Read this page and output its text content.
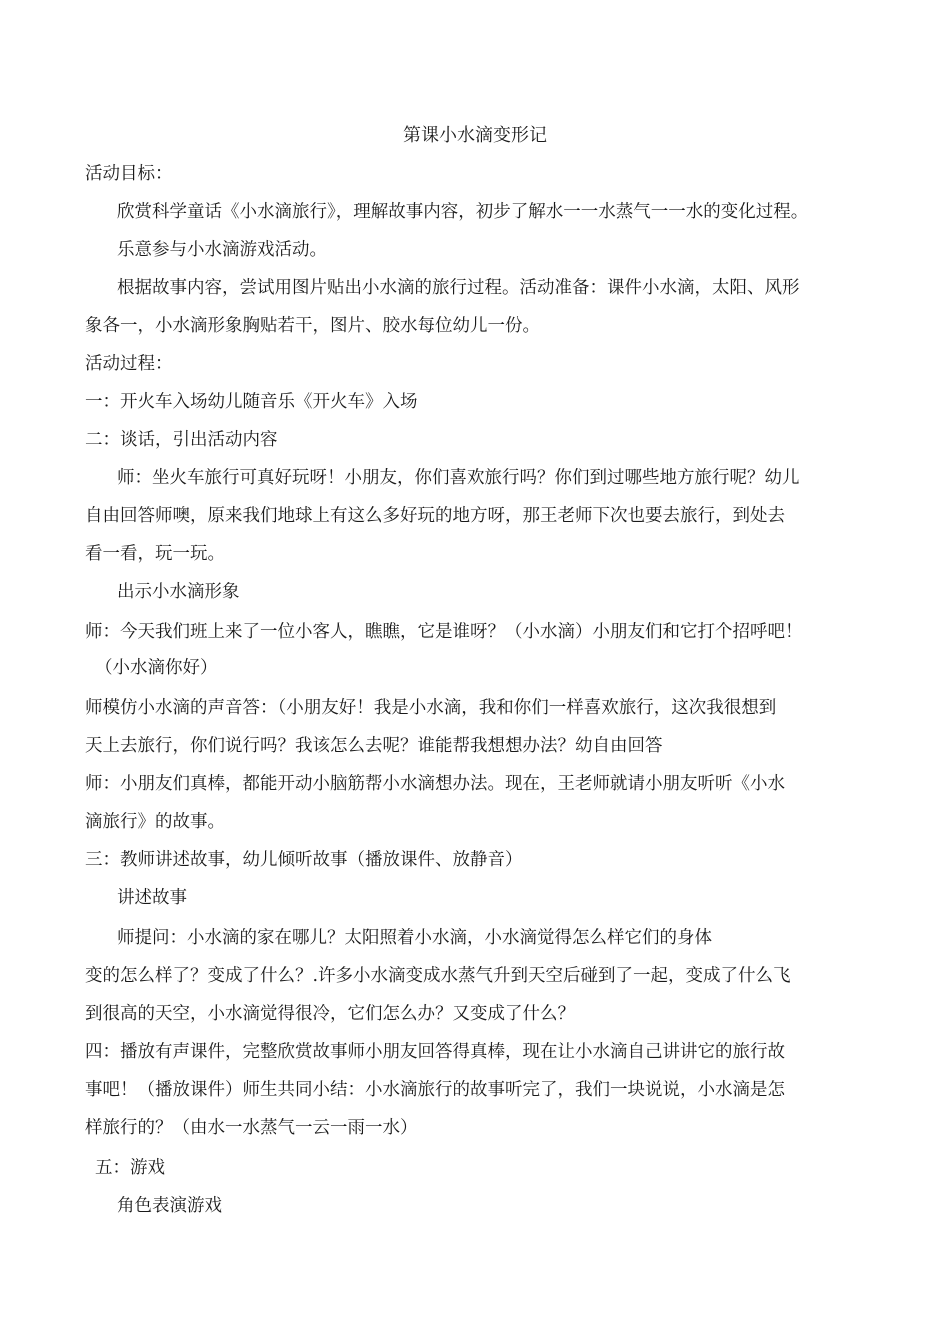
第课小水滴变形记
活动目标：
欣赏科学童话《小水滴旅行》，理解故事内容，初步了解水一一水蒸气一一水的变化过程。
乐意参与小水滴游戏活动。
根据故事内容，尝试用图片贴出小水滴的旅行过程。活动准备：课件小水滴，太阳、风形
象各一，小水滴形象胸贴若干，图片、胶水每位幼儿一份。
活动过程：
一：开火车入场幼儿随音乐《开火车》入场
二：谈话，引出活动内容
师：坐火车旅行可真好玩呀！小朋友，你们喜欢旅行吗？你们到过哪些地方旅行呢？幼儿
自由回答师噢，原来我们地球上有这么多好玩的地方呀，那王老师下次也要去旅行，到处去
看一看，玩一玩。
出示小水滴形象
师：今天我们班上来了一位小客人，瞧瞧，它是谁呀？（小水滴）小朋友们和它打个招呼吧！
（小水滴你好）
师模仿小水滴的声音答：（小朋友好！我是小水滴，我和你们一样喜欢旅行，这次我很想到
天上去旅行，你们说行吗？我该怎么去呢？谁能帮我想想办法？幼自由回答
师：小朋友们真棒，都能开动小脑筋帮小水滴想办法。现在，王老师就请小朋友听听《小水
滴旅行》的故事。
三：教师讲述故事，幼儿倾听故事（播放课件、放静音）
讲述故事
师提问：小水滴的家在哪儿？太阳照着小水滴，小水滴觉得怎么样它们的身体
变的怎么样了？变成了什么？.许多小水滴变成水蒸气升到天空后碰到了一起，变成了什么飞
到很高的天空，小水滴觉得很冷，它们怎么办？又变成了什么？
四：播放有声课件，完整欣赏故事师小朋友回答得真棒，现在让小水滴自己讲讲它的旅行故
事吧！（播放课件）师生共同小结：小水滴旅行的故事听完了，我们一块说说，小水滴是怎
样旅行的？（由水一水蒸气一云一雨一水）
五：游戏
角色表演游戏
